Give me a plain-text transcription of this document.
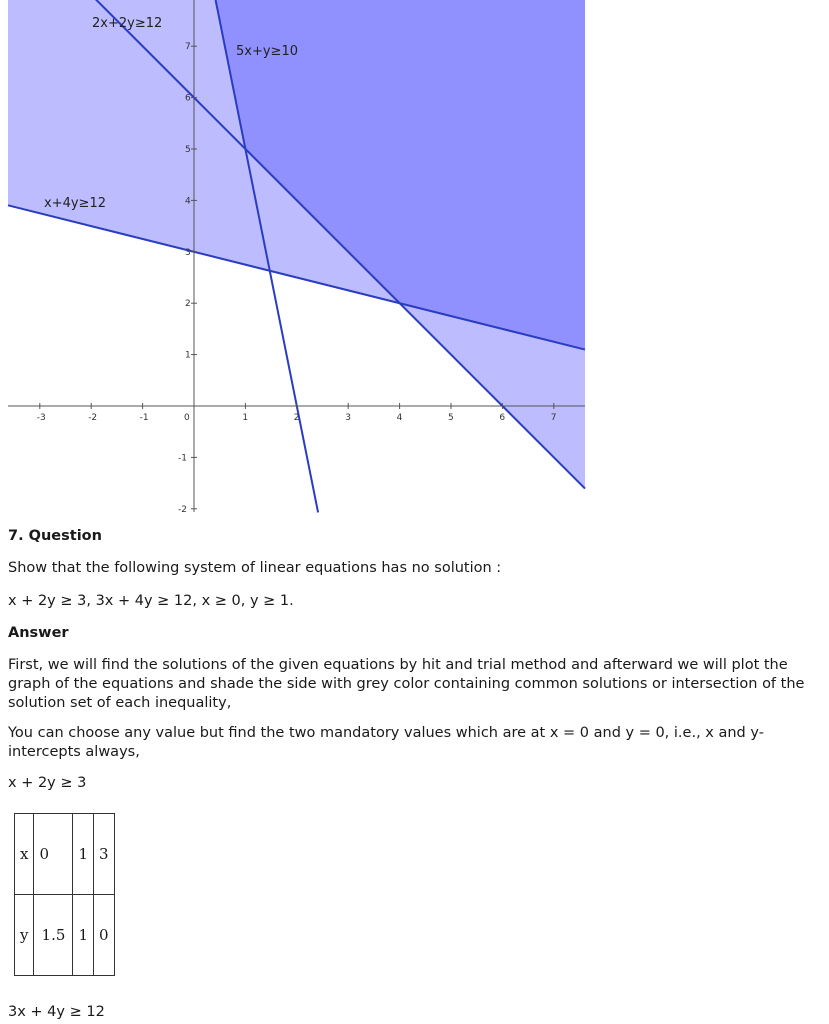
-3	-2	-1	0	1	2	3	4	5	6	7
-2
-1
1
2
3
4
5
6
7
2x+2y≥12
5x+y≥10
x+4y≥12

7. Question

Show that the following system of linear equations has no solution :

x + 2y ≥ 3, 3x + 4y ≥ 12, x ≥ 0, y ≥ 1.

Answer

First, we will find the solutions of the given equations by hit and trial method and afterward we will plot the graph of the equations and shade the side with grey color containing common solutions or intersection of the solution set of each inequality,

You can choose any value but find the two mandatory values which are at x = 0 and y = 0, i.e., x and y-intercepts always,

x + 2y ≥ 3

x	0	1	3
y	1.5	1	0

3x + 4y ≥ 12
